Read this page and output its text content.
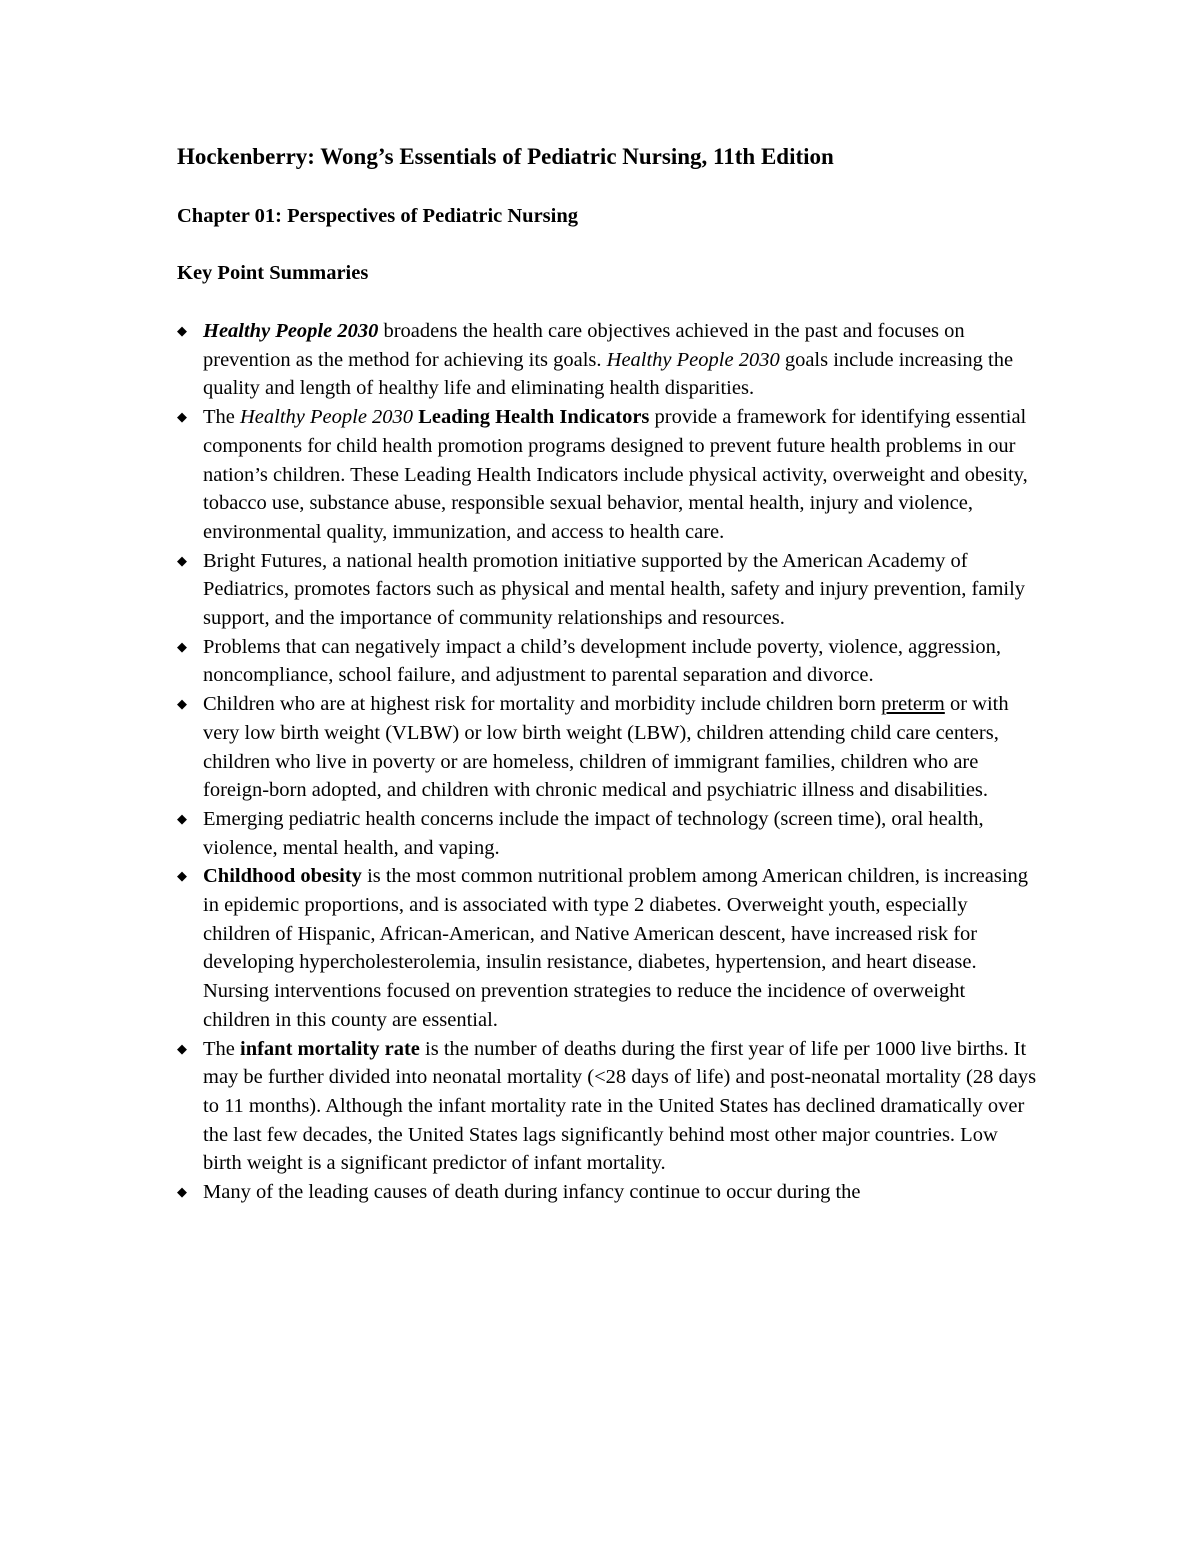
Hockenberry: Wong’s Essentials of Pediatric Nursing, 11th Edition
Chapter 01: Perspectives of Pediatric Nursing
Key Point Summaries
◆ Healthy People 2030 broadens the health care objectives achieved in the past and focuses on prevention as the method for achieving its goals. Healthy People 2030 goals include increasing the quality and length of healthy life and eliminating health disparities.
◆ The Healthy People 2030 Leading Health Indicators provide a framework for identifying essential components for child health promotion programs designed to prevent future health problems in our nation’s children. These Leading Health Indicators include physical activity, overweight and obesity, tobacco use, substance abuse, responsible sexual behavior, mental health, injury and violence, environmental quality, immunization, and access to health care.
◆ Bright Futures, a national health promotion initiative supported by the American Academy of Pediatrics, promotes factors such as physical and mental health, safety and injury prevention, family support, and the importance of community relationships and resources.
◆ Problems that can negatively impact a child’s development include poverty, violence, aggression, noncompliance, school failure, and adjustment to parental separation and divorce.
◆ Children who are at highest risk for mortality and morbidity include children born preterm or with very low birth weight (VLBW) or low birth weight (LBW), children attending child care centers, children who live in poverty or are homeless, children of immigrant families, children who are foreign-born adopted, and children with chronic medical and psychiatric illness and disabilities.
◆ Emerging pediatric health concerns include the impact of technology (screen time), oral health, violence, mental health, and vaping.
◆ Childhood obesity is the most common nutritional problem among American children, is increasing in epidemic proportions, and is associated with type 2 diabetes. Overweight youth, especially children of Hispanic, African-American, and Native American descent, have increased risk for developing hypercholesterolemia, insulin resistance, diabetes, hypertension, and heart disease. Nursing interventions focused on prevention strategies to reduce the incidence of overweight children in this county are essential.
◆ The infant mortality rate is the number of deaths during the first year of life per 1000 live births. It may be further divided into neonatal mortality (<28 days of life) and post-neonatal mortality (28 days to 11 months). Although the infant mortality rate in the United States has declined dramatically over the last few decades, the United States lags significantly behind most other major countries. Low birth weight is a significant predictor of infant mortality.
◆ Many of the leading causes of death during infancy continue to occur during the
